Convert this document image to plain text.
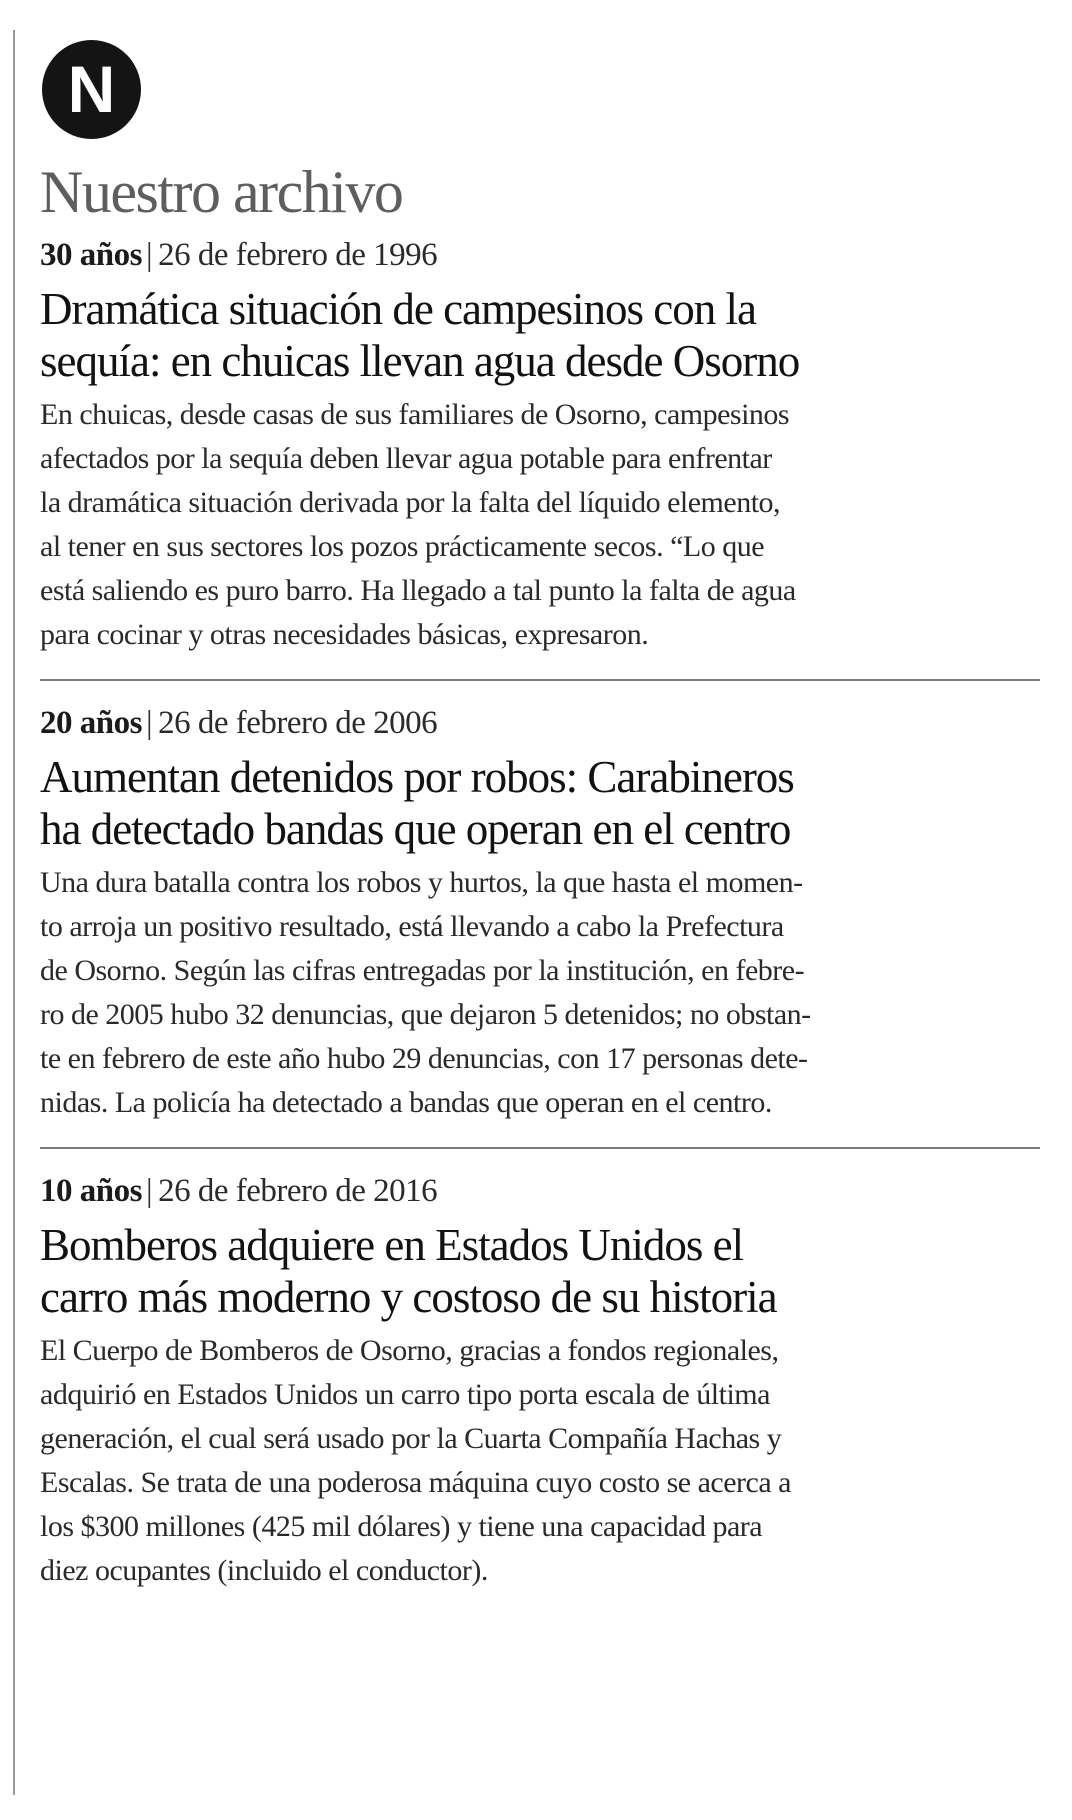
N
Nuestro archivo
30 años | 26 de febrero de 1996
Dramática situación de campesinos con la
sequía: en chuicas llevan agua desde Osorno
En chuicas, desde casas de sus familiares de Osorno, campesinos
afectados por la sequía deben llevar agua potable para enfrentar
la dramática situación derivada por la falta del líquido elemento,
al tener en sus sectores los pozos prácticamente secos. “Lo que
está saliendo es puro barro. Ha llegado a tal punto la falta de agua
para cocinar y otras necesidades básicas, expresaron.
20 años | 26 de febrero de 2006
Aumentan detenidos por robos: Carabineros
ha detectado bandas que operan en el centro
Una dura batalla contra los robos y hurtos, la que hasta el momen-
to arroja un positivo resultado, está llevando a cabo la Prefectura
de Osorno. Según las cifras entregadas por la institución, en febre-
ro de 2005 hubo 32 denuncias, que dejaron 5 detenidos; no obstan-
te en febrero de este año hubo 29 denuncias, con 17 personas dete-
nidas. La policía ha detectado a bandas que operan en el centro.
10 años | 26 de febrero de 2016
Bomberos adquiere en Estados Unidos el
carro más moderno y costoso de su historia
El Cuerpo de Bomberos de Osorno, gracias a fondos regionales,
adquirió en Estados Unidos un carro tipo porta escala de última
generación, el cual será usado por la Cuarta Compañía Hachas y
Escalas. Se trata de una poderosa máquina cuyo costo se acerca a
los $300 millones (425 mil dólares) y tiene una capacidad para
diez ocupantes (incluido el conductor).
